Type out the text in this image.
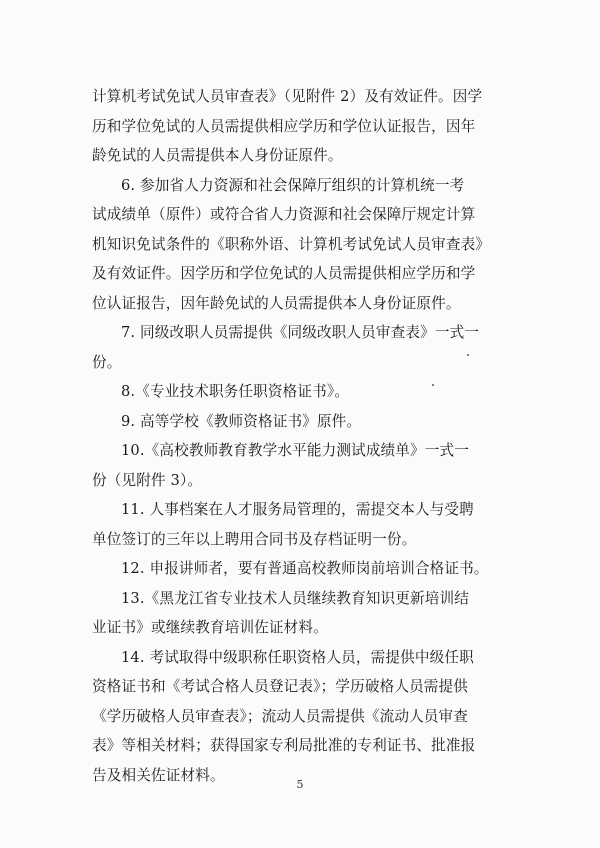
计算机考试免试人员审查表》（见附件 2）及有效证件。因学
历和学位免试的人员需提供相应学历和学位认证报告，因年
龄免试的人员需提供本人身份证原件。
6. 参加省人力资源和社会保障厅组织的计算机统一考
试成绩单（原件）或符合省人力资源和社会保障厅规定计算
机知识免试条件的《职称外语、计算机考试免试人员审查表》
及有效证件。因学历和学位免试的人员需提供相应学历和学
位认证报告，因年龄免试的人员需提供本人身份证原件。
7. 同级改职人员需提供《同级改职人员审查表》一式一
份。
8.《专业技术职务任职资格证书》。
9. 高等学校《教师资格证书》原件。
10.《高校教师教育教学水平能力测试成绩单》一式一
份（见附件 3）。
11. 人事档案在人才服务局管理的，需提交本人与受聘
单位签订的三年以上聘用合同书及存档证明一份。
12. 申报讲师者，要有普通高校教师岗前培训合格证书。
13.《黑龙江省专业技术人员继续教育知识更新培训结
业证书》或继续教育培训佐证材料。
14. 考试取得中级职称任职资格人员，需提供中级任职
资格证书和《考试合格人员登记表》；学历破格人员需提供
《学历破格人员审查表》；流动人员需提供《流动人员审查
表》等相关材料；获得国家专利局批准的专利证书、批准报
告及相关佐证材料。
5
